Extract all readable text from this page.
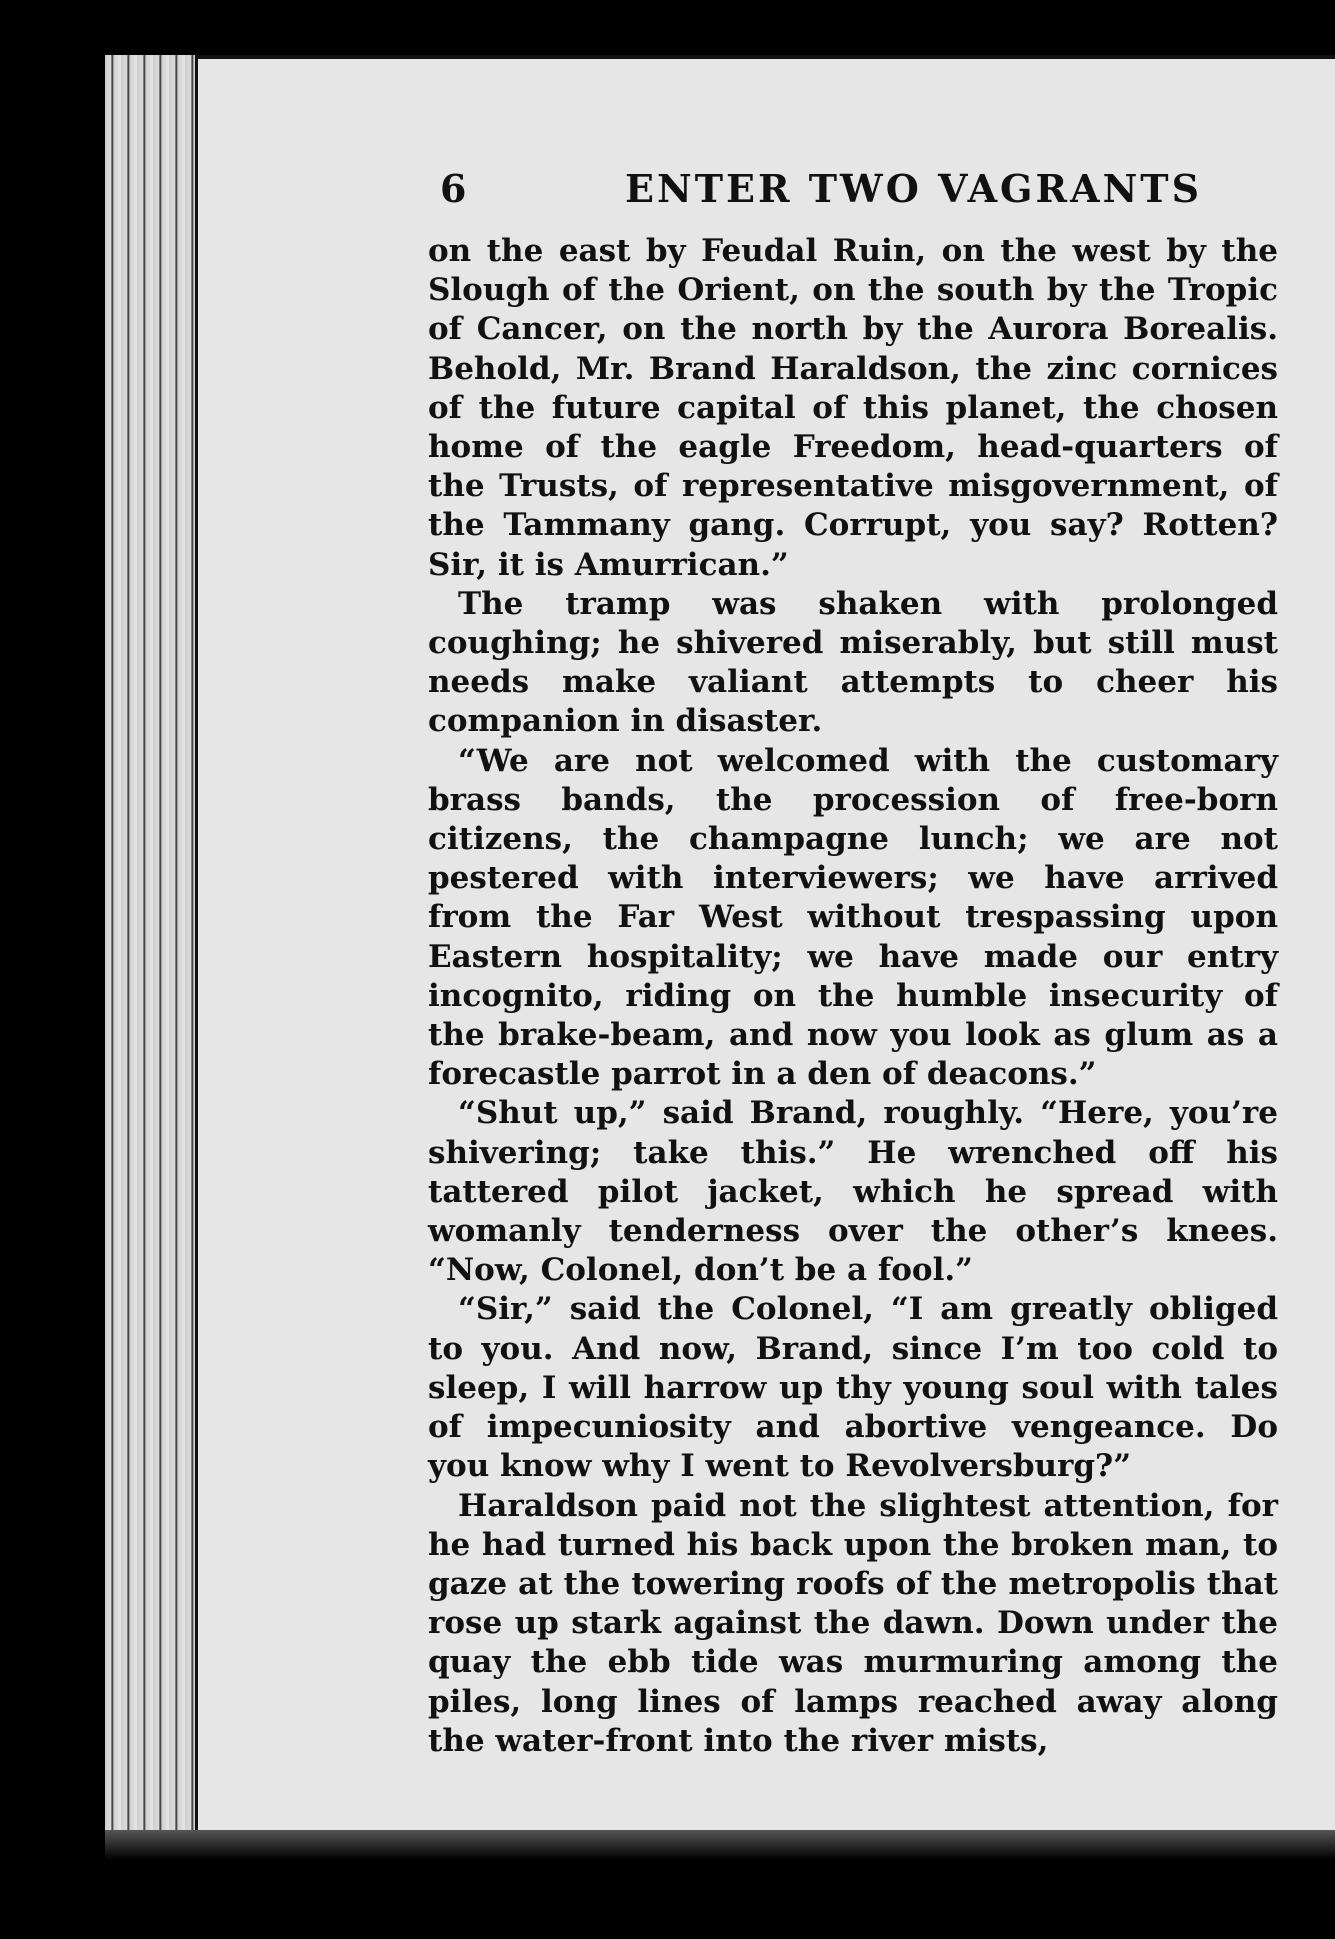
6	ENTER TWO VAGRANTS

on the east by Feudal Ruin, on the west by the Slough of the Orient, on the south by the Tropic of Cancer, on the north by the Aurora Borealis. Behold, Mr. Brand Haraldson, the zinc cornices of the future capital of this planet, the chosen home of the eagle Freedom, head-quarters of the Trusts, of representative misgovernment, of the Tammany gang. Corrupt, you say? Rotten? Sir, it is Amurrican.”

The tramp was shaken with prolonged coughing; he shivered miserably, but still must needs make valiant attempts to cheer his companion in disaster.

“We are not welcomed with the customary brass bands, the procession of free-born citizens, the champagne lunch; we are not pestered with interviewers; we have arrived from the Far West without trespassing upon Eastern hospitality; we have made our entry incognito, riding on the humble insecurity of the brake-beam, and now you look as glum as a forecastle parrot in a den of deacons.”

“Shut up,” said Brand, roughly. “Here, you’re shivering; take this.” He wrenched off his tattered pilot jacket, which he spread with womanly tenderness over the other’s knees. “Now, Colonel, don’t be a fool.”

“Sir,” said the Colonel, “I am greatly obliged to you. And now, Brand, since I’m too cold to sleep, I will harrow up thy young soul with tales of impecuniosity and abortive vengeance. Do you know why I went to Revolversburg?”

Haraldson paid not the slightest attention, for he had turned his back upon the broken man, to gaze at the towering roofs of the metropolis that rose up stark against the dawn. Down under the quay the ebb tide was murmuring among the piles, long lines of lamps reached away along the water-front into the river mists,
